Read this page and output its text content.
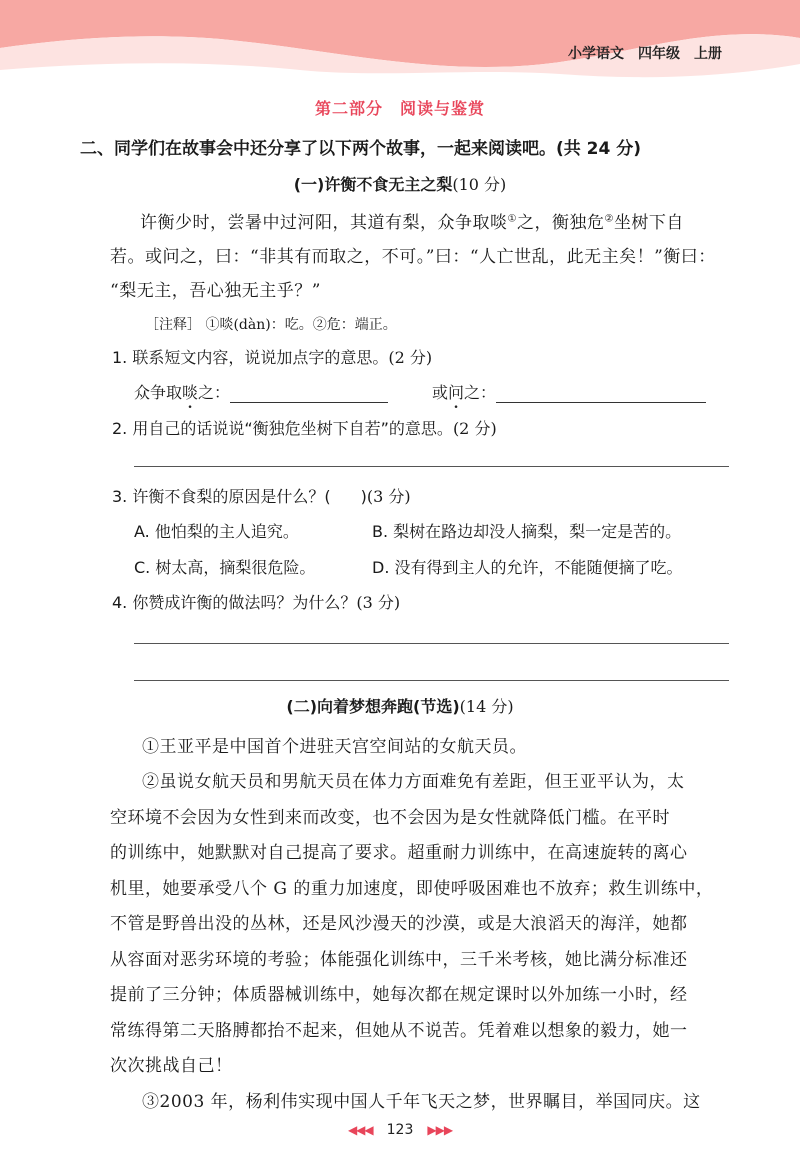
小学语文 四年级 上册
第二部分　阅读与鉴赏
二、同学们在故事会中还分享了以下两个故事，一起来阅读吧。(共 24 分)
(一)许衡不食无主之梨(10 分)
许衡少时，尝暑中过河阳，其道有梨，众争取啖①之，衡独危②坐树下自
若。或问之，曰：“非其有而取之，不可。”曰：“人亡世乱，此无主矣！”衡曰：
“梨无主，吾心独无主乎？”
［注释］ ①啖(dàn)：吃。②危：端正。
1. 联系短文内容，说说加点字的意思。(2 分)
众争取啖之：	或问之：
2. 用自己的话说说“衡独危坐树下自若”的意思。(2 分)
3. 许衡不食梨的原因是什么？( )(3 分)
A. 他怕梨的主人追究。	B. 梨树在路边却没人摘梨，梨一定是苦的。
C. 树太高，摘梨很危险。	D. 没有得到主人的允许，不能随便摘了吃。
4. 你赞成许衡的做法吗？为什么？(3 分)
(二)向着梦想奔跑(节选)(14 分)
①王亚平是中国首个进驻天宫空间站的女航天员。
②虽说女航天员和男航天员在体力方面难免有差距，但王亚平认为，太
空环境不会因为女性到来而改变，也不会因为是女性就降低门槛。在平时
的训练中，她默默对自己提高了要求。超重耐力训练中，在高速旋转的离心
机里，她要承受八个 G 的重力加速度，即使呼吸困难也不放弃；救生训练中，
不管是野兽出没的丛林，还是风沙漫天的沙漠，或是大浪滔天的海洋，她都
从容面对恶劣环境的考验；体能强化训练中，三千米考核，她比满分标准还
提前了三分钟；体质器械训练中，她每次都在规定课时以外加练一小时，经
常练得第二天胳膊都抬不起来，但她从不说苦。凭着难以想象的毅力，她一
次次挑战自己！
③2003 年，杨利伟实现中国人千年飞天之梦，世界瞩目，举国同庆。这
◀◀◀ 123 ▶▶▶
